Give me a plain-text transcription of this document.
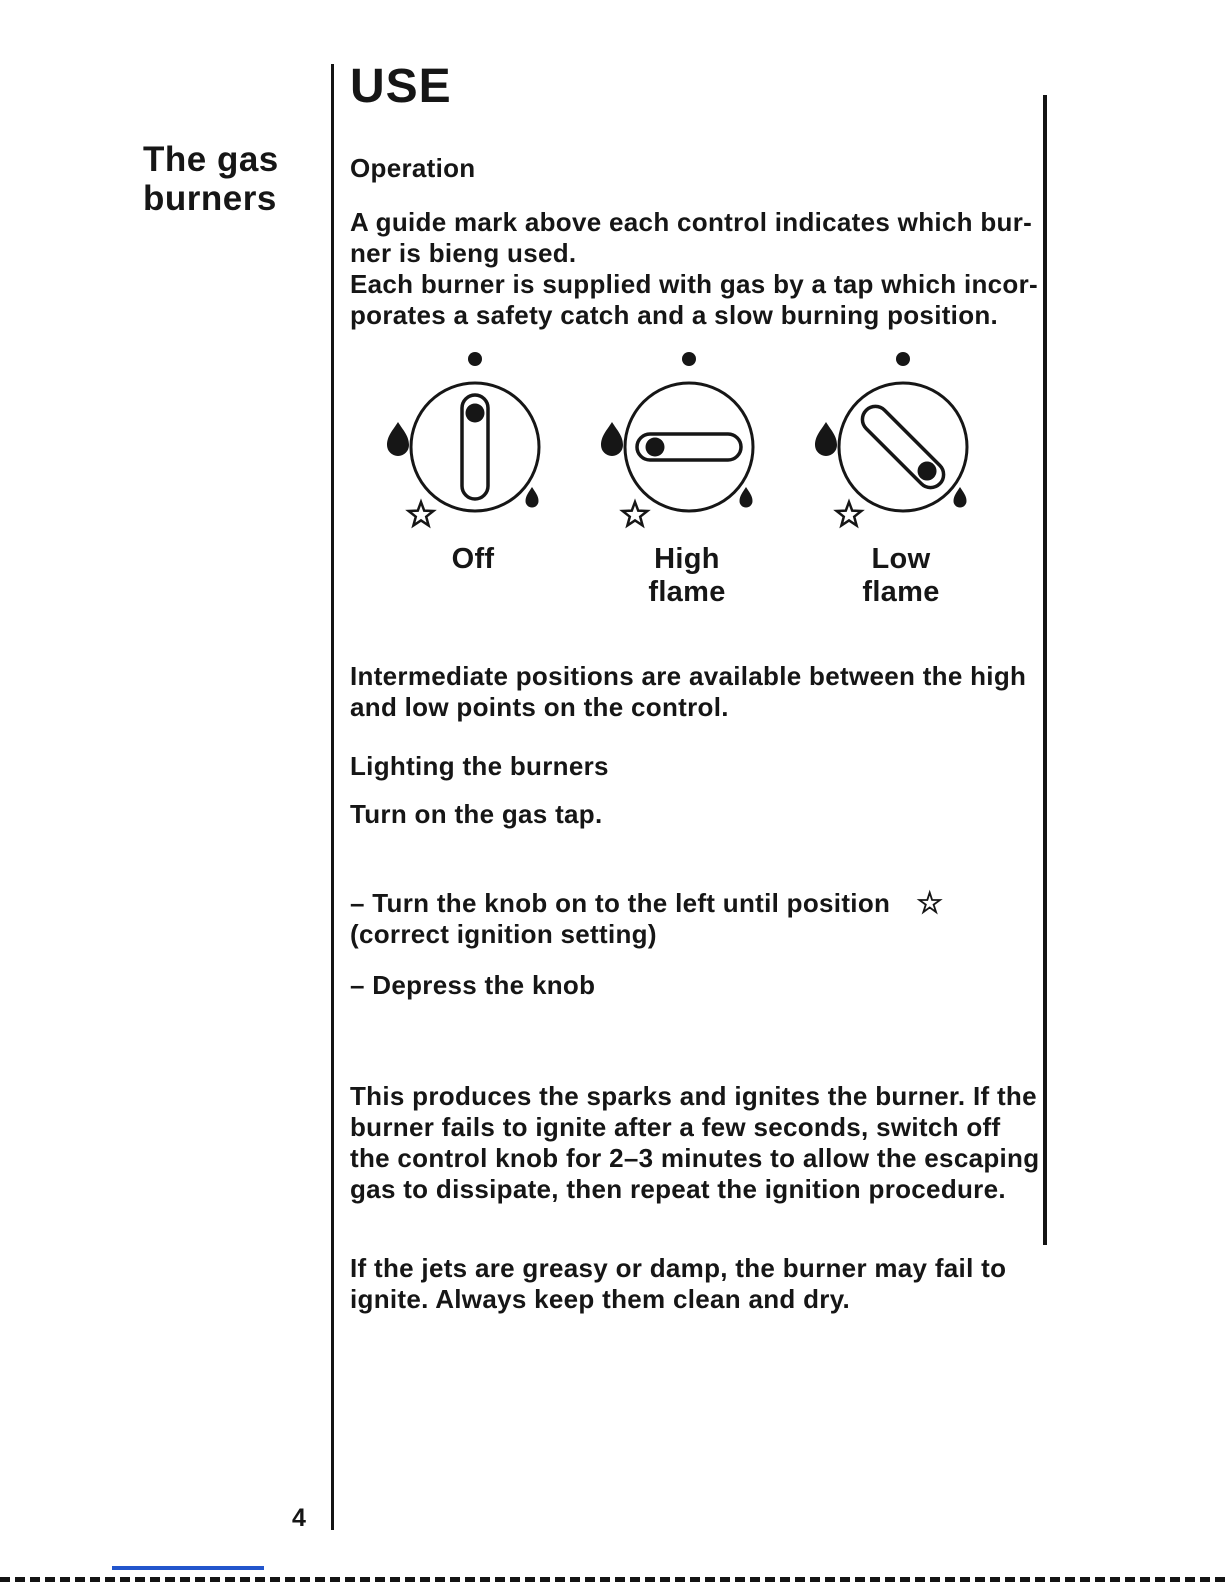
The gas
burners
4
USE
Operation

A guide mark above each control indicates which bur-
ner is bieng used.
Each burner is supplied with gas by a tap which incor-
porates a safety catch and a slow burning position.

Off	High
flame
Low
flame

Intermediate positions are available between the high
and low points on the control.

Lighting the burners

Turn on the gas tap.

– Turn the knob on to the left until position ☆
(correct ignition setting)

– Depress the knob

This produces the sparks and ignites the burner. If the
burner fails to ignite after a few seconds, switch off
the control knob for 2–3 minutes to allow the escaping
gas to dissipate, then repeat the ignition procedure.

If the jets are greasy or damp, the burner may fail to
ignite. Always keep them clean and dry.
